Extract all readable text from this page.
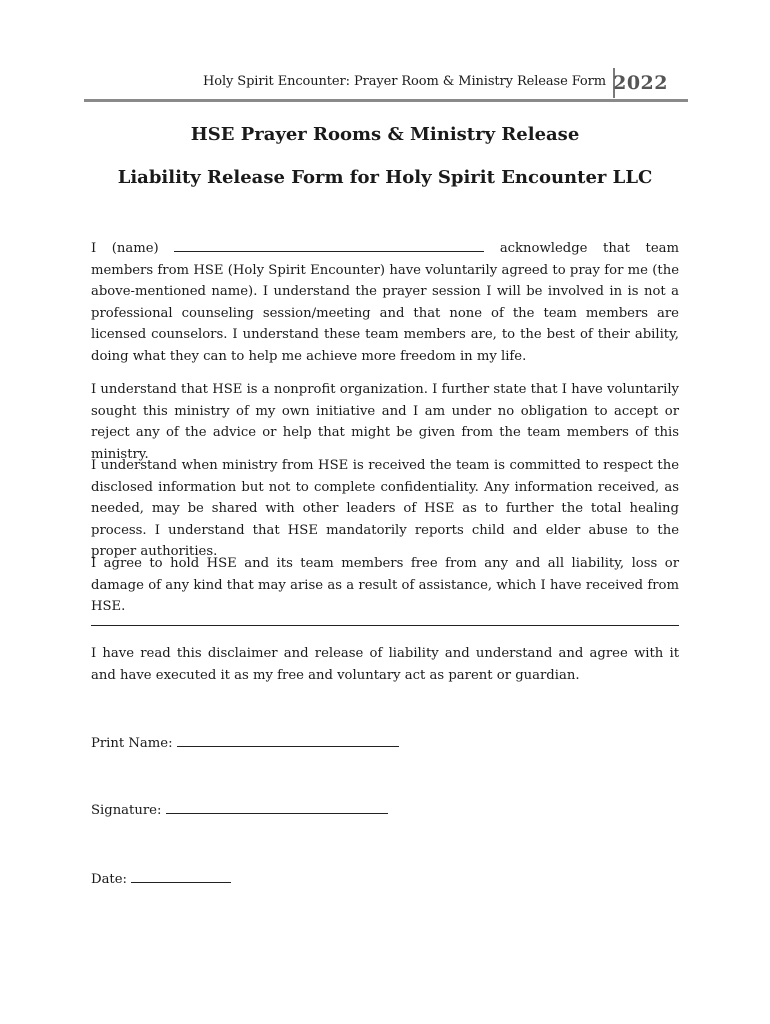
Holy Spirit Encounter: Prayer Room & Ministry Release Form 2022
HSE Prayer Rooms & Ministry Release
Liability Release Form for Holy Spirit Encounter LLC
I (name)	acknowledge that team members from HSE (Holy Spirit Encounter) have voluntarily agreed to pray for me (the above-mentioned name). I understand the prayer session I will be involved in is not a professional counseling session/meeting and that none of the team members are licensed counselors. I understand these team members are, to the best of their ability, doing what they can to help me achieve more freedom in my life.
I understand that HSE is a nonprofit organization. I further state that I have voluntarily sought this ministry of my own initiative and I am under no obligation to accept or reject any of the advice or help that might be given from the team members of this ministry.
I understand when ministry from HSE is received the team is committed to respect the disclosed information but not to complete confidentiality. Any information received, as needed, may be shared with other leaders of HSE as to further the total healing process. I understand that HSE mandatorily reports child and elder abuse to the proper authorities.
I agree to hold HSE and its team members free from any and all liability, loss or damage of any kind that may arise as a result of assistance, which I have received from HSE.
I have read this disclaimer and release of liability and understand and agree with it and have executed it as my free and voluntary act as parent or guardian.
Print Name:
Signature:
Date:
